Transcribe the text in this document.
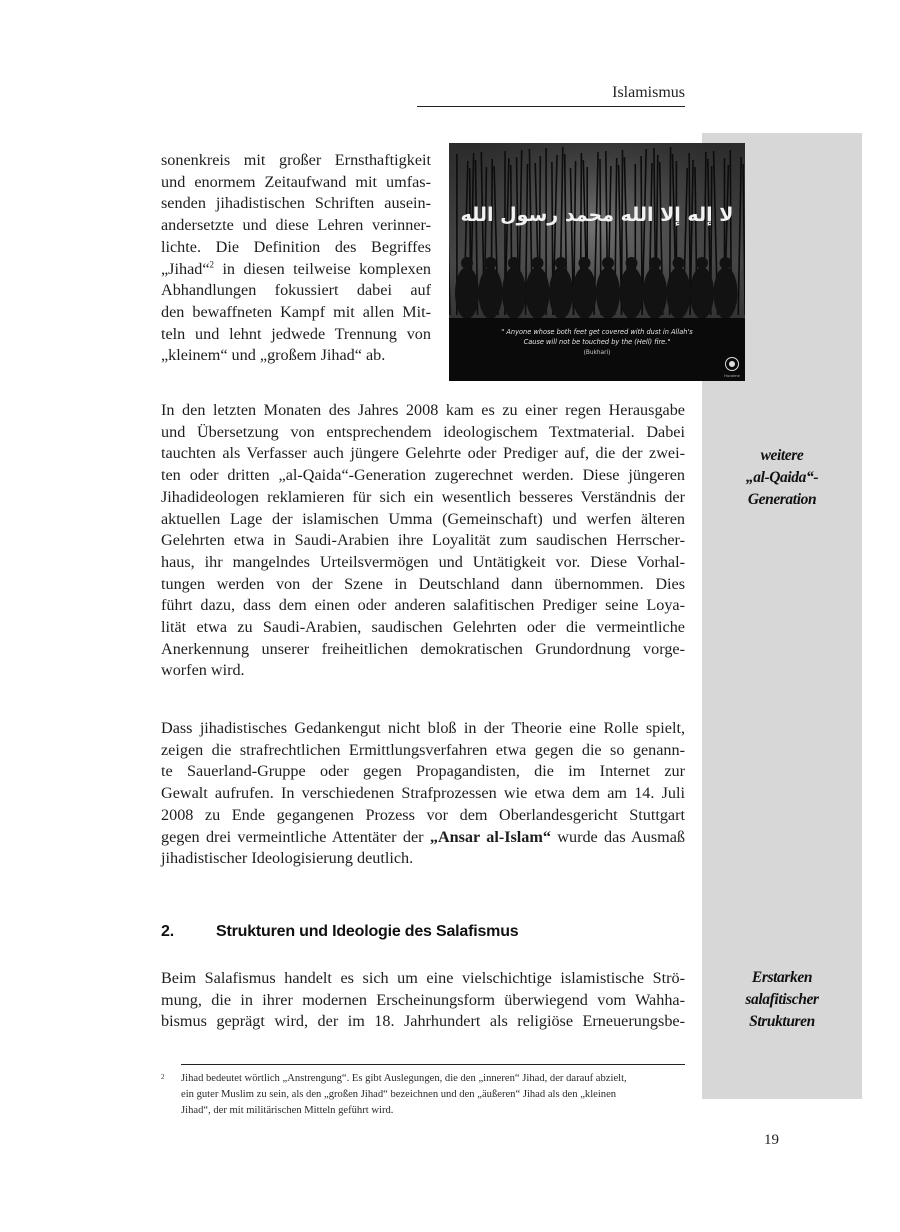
Islamismus
weitere
„al-Qaida“-
Generation
Erstarken
salafitischer
Strukturen
لا إله إلا الله محمد رسول الله
" Anyone whose both feet get covered with dust in Allah's
Cause will not be touched by the (Hell) fire."
(Bukhari)
Hucaime
sonenkreis mit großer Ernsthaftigkeit
und enormem Zeitaufwand mit umfas-
senden jihadistischen Schriften ausein-
andersetzte und diese Lehren verinner-
lichte. Die Definition des Begriffes
„Jihad“$^2$ in diesen teilweise komplexen
Abhandlungen fokussiert dabei auf
den bewaffneten Kampf mit allen Mit-
teln und lehnt jedwede Trennung von
„kleinem“ und „großem Jihad“ ab.
In den letzten Monaten des Jahres 2008 kam es zu einer regen Herausgabe
und Übersetzung von entsprechendem ideologischem Textmaterial. Dabei
tauchten als Verfasser auch jüngere Gelehrte oder Prediger auf, die der zwei-
ten oder dritten „al-Qaida“-Generation zugerechnet werden. Diese jüngeren
Jihadideologen reklamieren für sich ein wesentlich besseres Verständnis der
aktuellen Lage der islamischen Umma (Gemeinschaft) und werfen älteren
Gelehrten etwa in Saudi-Arabien ihre Loyalität zum saudischen Herrscher-
haus, ihr mangelndes Urteilsvermögen und Untätigkeit vor. Diese Vorhal-
tungen werden von der Szene in Deutschland dann übernommen. Dies
führt dazu, dass dem einen oder anderen salafitischen Prediger seine Loya-
lität etwa zu Saudi-Arabien, saudischen Gelehrten oder die vermeintliche
Anerkennung unserer freiheitlichen demokratischen Grundordnung vorge-
worfen wird.
Dass jihadistisches Gedankengut nicht bloß in der Theorie eine Rolle spielt,
zeigen die strafrechtlichen Ermittlungsverfahren etwa gegen die so genann-
te Sauerland-Gruppe oder gegen Propagandisten, die im Internet zur
Gewalt aufrufen. In verschiedenen Strafprozessen wie etwa dem am 14. Juli
2008 zu Ende gegangenen Prozess vor dem Oberlandesgericht Stuttgart
gegen drei vermeintliche Attentäter der „Ansar al-Islam“ wurde das Ausmaß
jihadistischer Ideologisierung deutlich.
2.	Strukturen und Ideologie des Salafismus
Beim Salafismus handelt es sich um eine vielschichtige islamistische Strö-
mung, die in ihrer modernen Erscheinungsform überwiegend vom Wahha-
bismus geprägt wird, der im 18. Jahrhundert als religiöse Erneuerungsbe-
2 Jihad bedeutet wörtlich „Anstrengung“. Es gibt Auslegungen, die den „inneren“ Jihad, der darauf abzielt,
ein guter Muslim zu sein, als den „großen Jihad“ bezeichnen und den „äußeren“ Jihad als den „kleinen
Jihad“, der mit militärischen Mitteln geführt wird.
19
